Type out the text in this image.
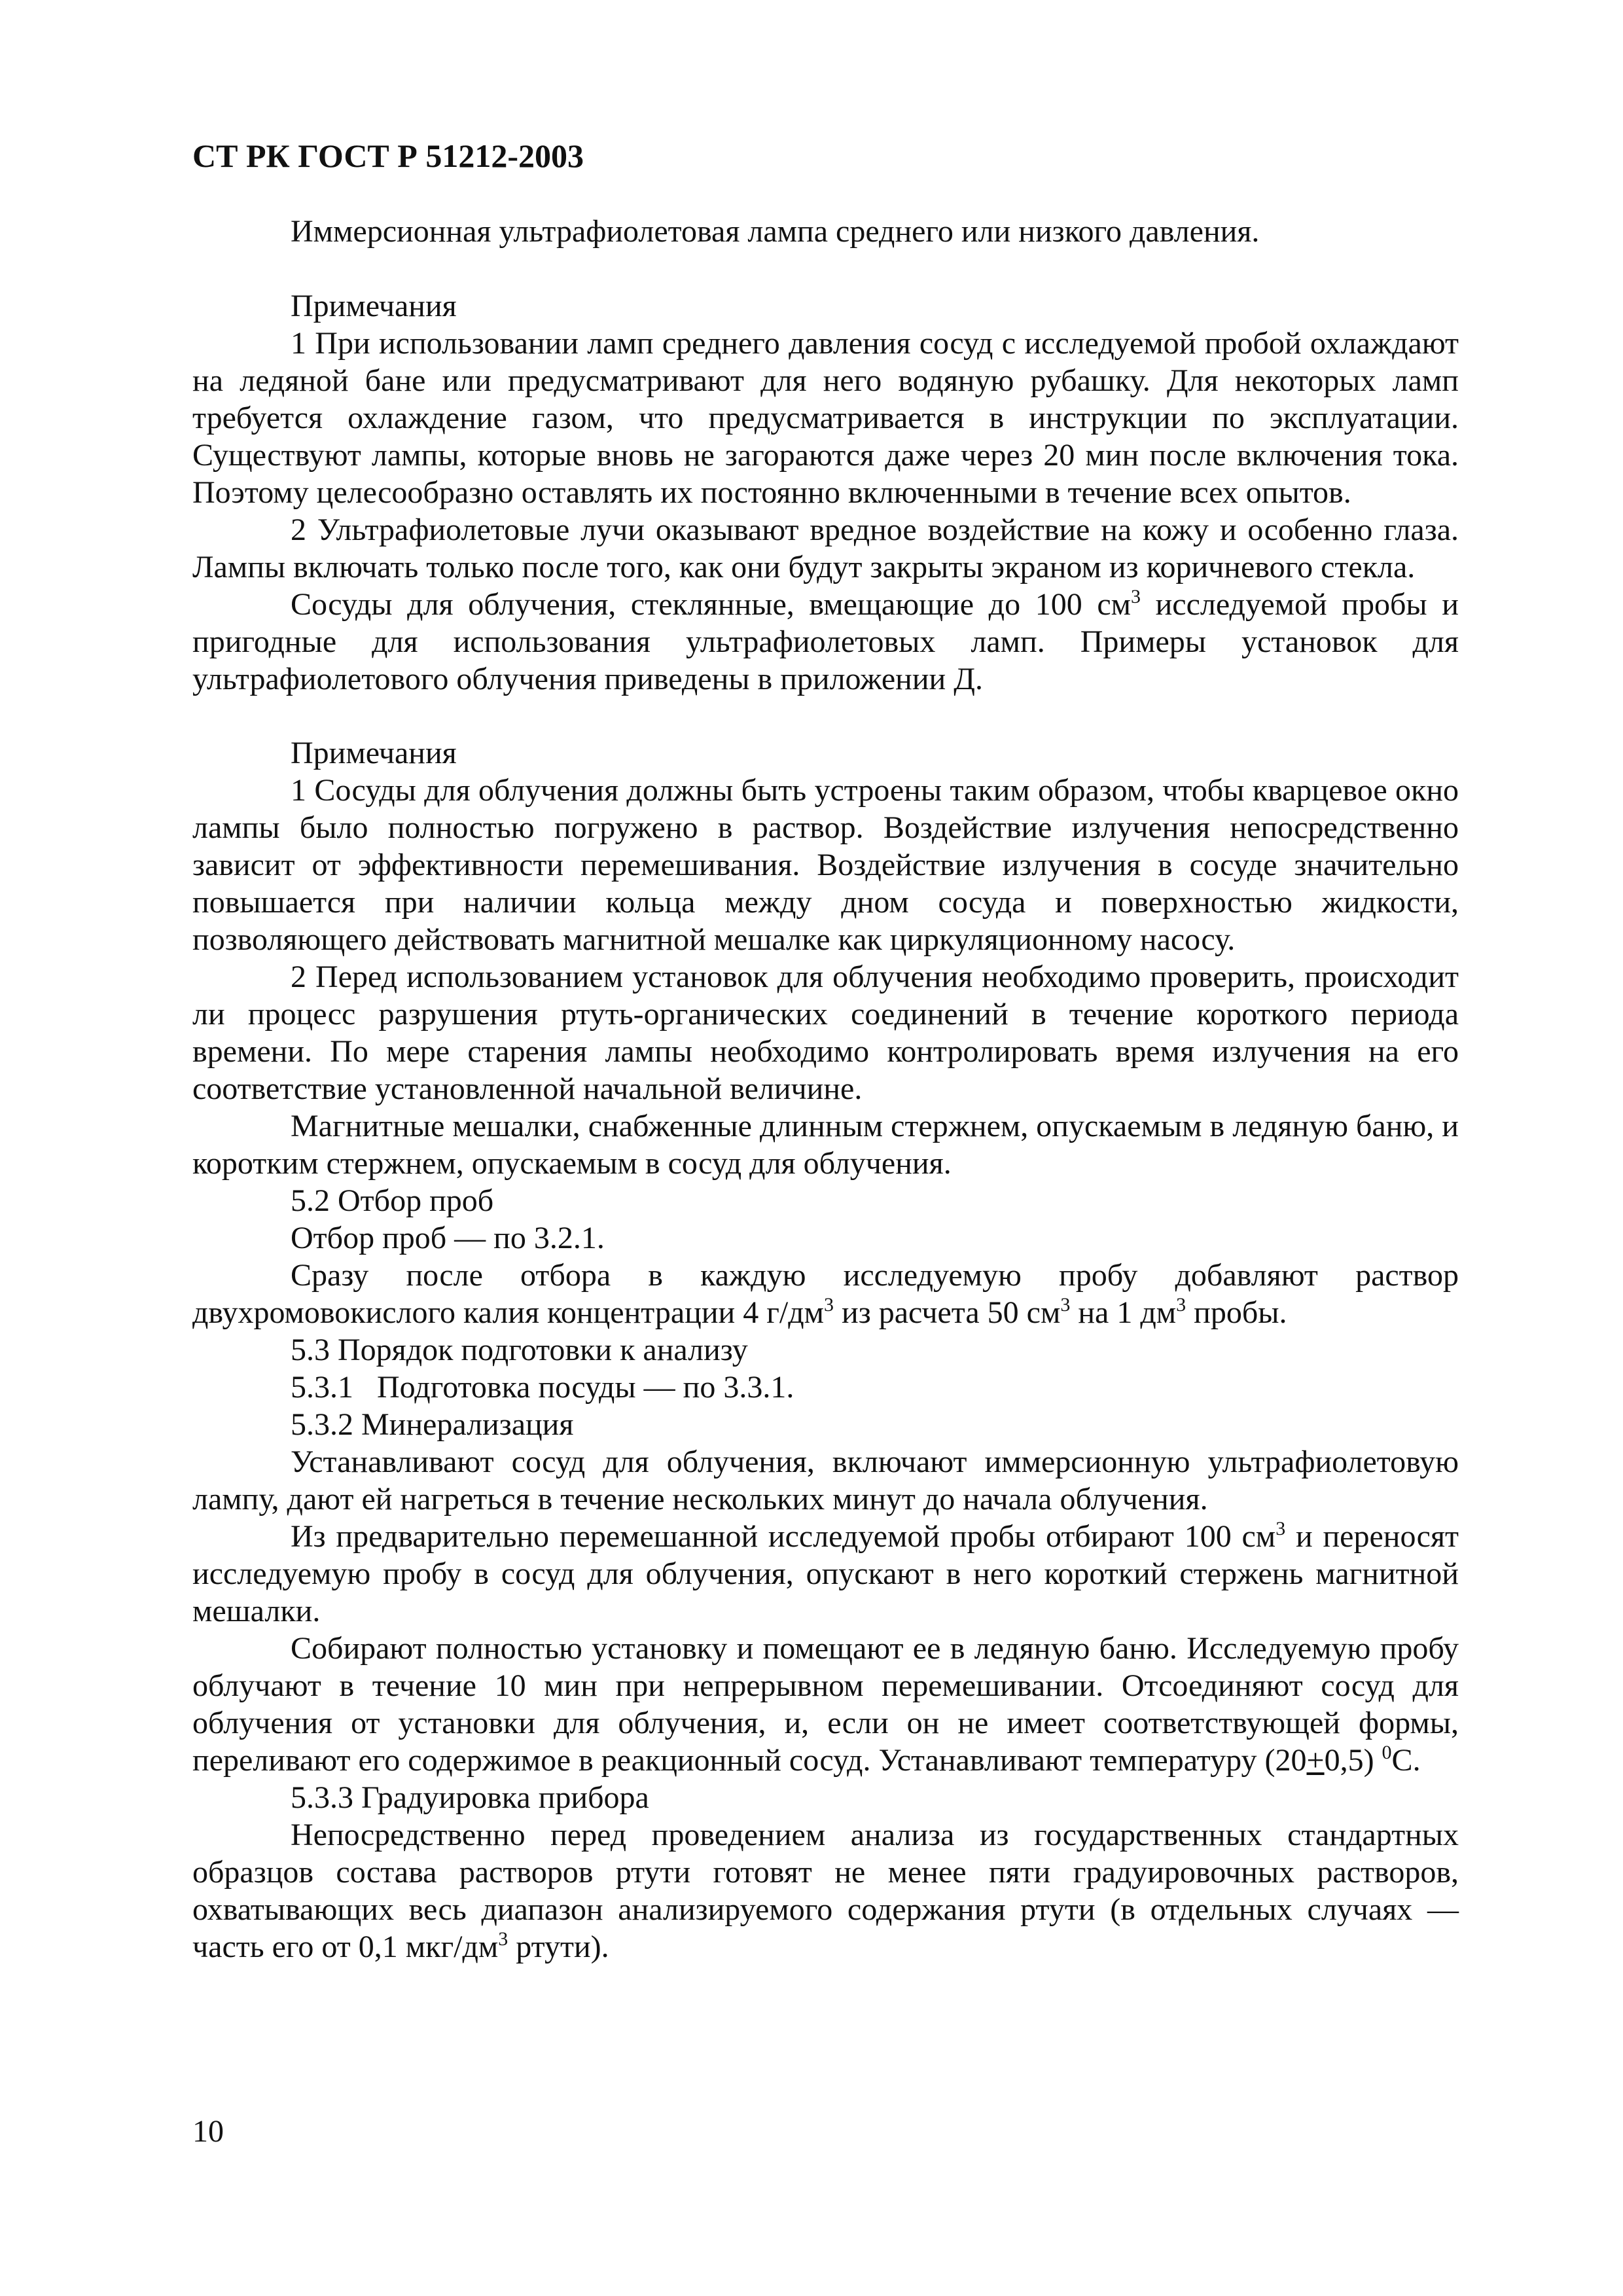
СТ РК ГОСТ Р 51212-2003

Иммерсионная ультрафиолетовая лампа среднего или низкого давления.

Примечания

1 При использовании ламп среднего давления сосуд с исследуемой пробой охлаждают на ледяной бане или предусматривают для него водяную рубашку. Для некоторых ламп требуется охлаждение газом, что предусматривается в инструкции по эксплуатации. Существуют лампы, которые вновь не загораются даже через 20 мин после включения тока. Поэтому целесообразно оставлять их постоянно включенными в течение всех опытов.

2 Ультрафиолетовые лучи оказывают вредное воздействие на кожу и особенно глаза. Лампы включать только после того, как они будут закрыты экраном из коричневого стекла.

Сосуды для облучения, стеклянные, вмещающие до 100 $см^3$ исследуемой пробы и пригодные для использования ультрафиолетовых ламп. Примеры установок для ультрафиолетового облучения приведены в приложении Д.

Примечания

1 Сосуды для облучения должны быть устроены таким образом, чтобы кварцевое окно лампы было полностью погружено в раствор. Воздействие излучения непосредственно зависит от эффективности перемешивания. Воздействие излучения в сосуде значительно повышается при наличии кольца между дном сосуда и поверхностью жидкости, позволяющего действовать магнитной мешалке как циркуляционному насосу.

2 Перед использованием установок для облучения необходимо проверить, происходит ли процесс разрушения ртуть-органических соединений в течение короткого периода времени. По мере старения лампы необходимо контролировать время излучения на его соответствие установленной начальной величине.

Магнитные мешалки, снабженные длинным стержнем, опускаемым в ледяную баню, и коротким стержнем, опускаемым в сосуд для облучения.

5.2 Отбор проб

Отбор проб — по 3.2.1.

Сразу после отбора в каждую исследуемую пробу добавляют раствор двухромовокислого калия концентрации 4 $г/дм^3$ из расчета 50 $см^3$ на 1 $дм^3$ пробы.

5.3 Порядок подготовки к анализу

5.3.1   Подготовка посуды — по 3.3.1.

5.3.2 Минерализация

Устанавливают сосуд для облучения, включают иммерсионную ультрафиолетовую лампу, дают ей нагреться в течение нескольких минут до начала облучения.

Из предварительно перемешанной исследуемой пробы отбирают 100 $см^3$ и переносят исследуемую пробу в сосуд для облучения, опускают в него короткий стержень магнитной мешалки.

Собирают полностью установку и помещают ее в ледяную баню. Исследуемую пробу облучают в течение 10 мин при непрерывном перемешивании. Отсоединяют сосуд для облучения от установки для облучения, и, если он не имеет соответствующей формы, переливают его содержимое в реакционный сосуд. Устанавливают температуру (20+0,5) $^0$С.

5.3.3 Градуировка прибора

Непосредственно перед проведением анализа из государственных стандартных образцов состава растворов ртути готовят не менее пяти градуировочных растворов, охватывающих весь диапазон анализируемого содержания ртути (в отдельных случаях — часть его от 0,1 мкг/$дм^3$ ртути).

10
